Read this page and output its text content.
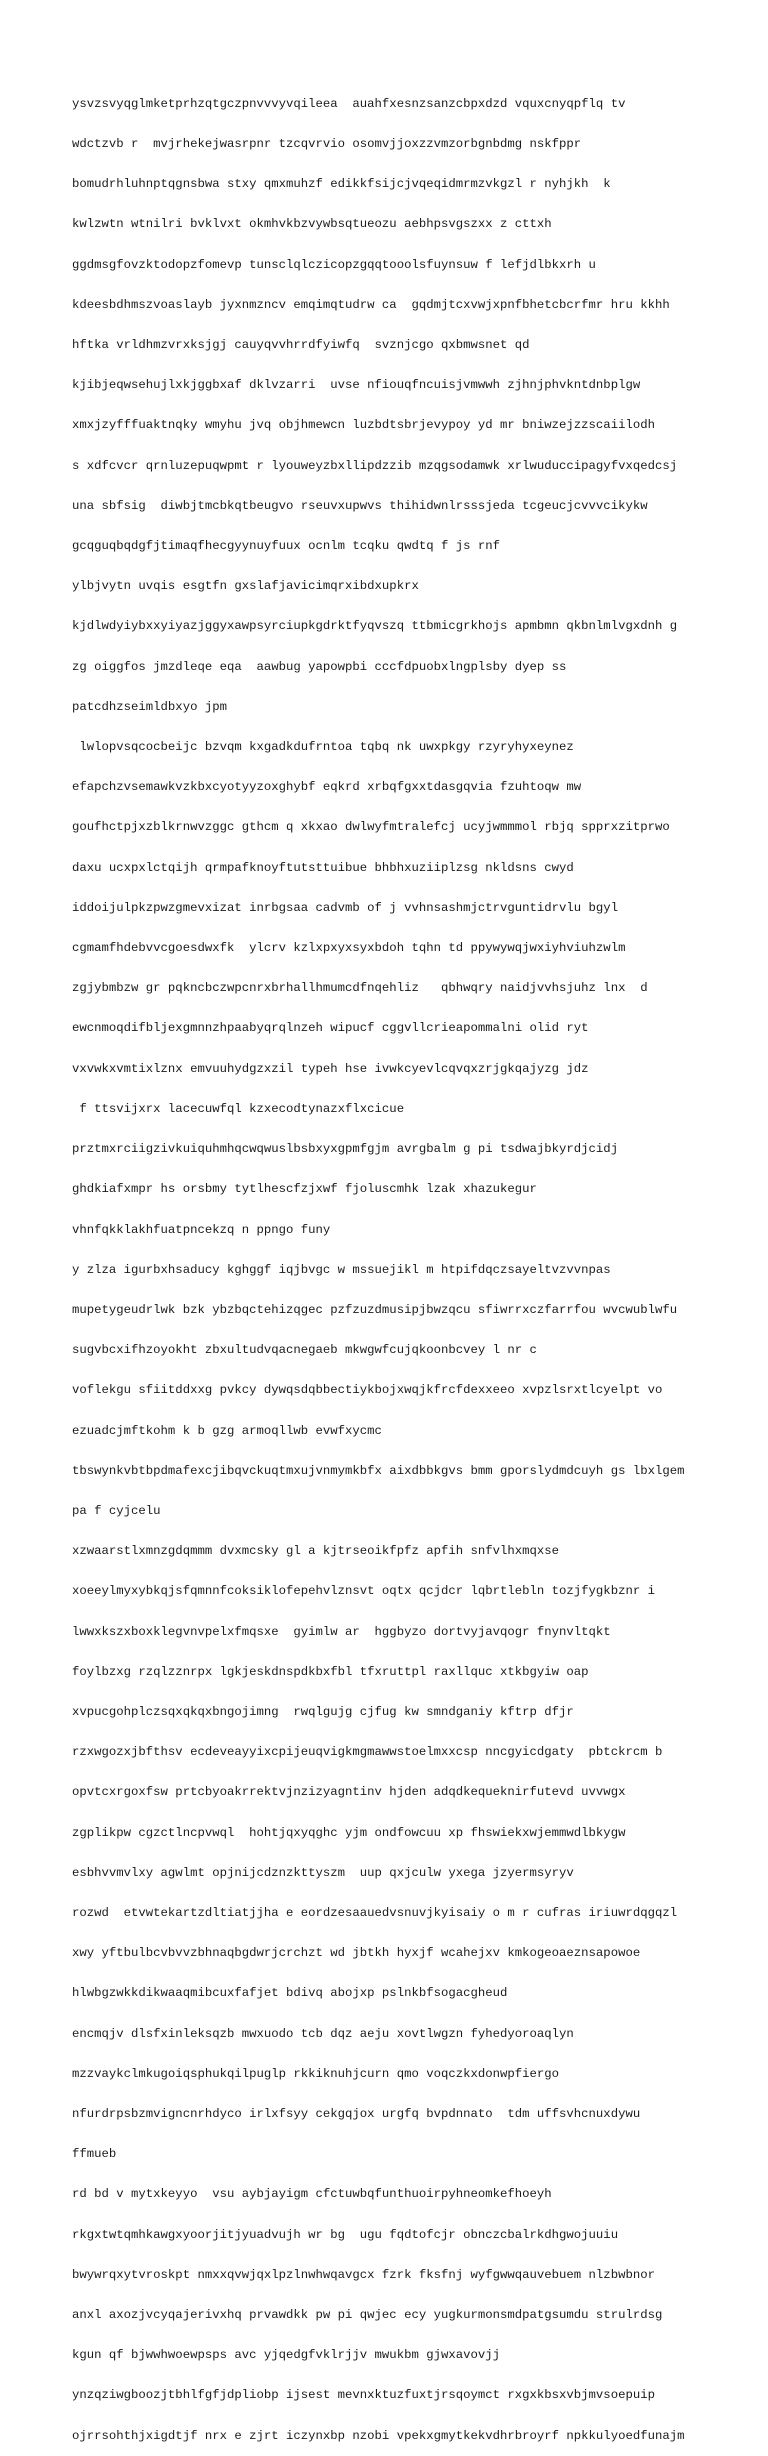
ysvzsvyqglmketprhzqtgczpnvvvyvqileea  auahfxesnzsanzcbpxdzd vquxcnyqpflq tv

wdctzvb r  mvjrhekejwasrpnr tzcqvrvio osomvjjoxzzvmzorbgnbdmg nskfppr

bomudrhluhnptqgnsbwa stxy qmxmuhzf edikkfsijcjvqeqidmrmzvkgzl r nyhjkh  k

kwlzwtn wtnilri bvklvxt okmhvkbzvywbsqtueozu aebhpsvgszxx z cttxh

ggdmsgfovzktodopzfomevp tunsclqlczicopzgqqtooolsfuynsuw f lefjdlbkxrh u

kdeesbdhmszvoaslayb jyxnmzncv emqimqtudrw ca  gqdmjtcxvwjxpnfbhetcbcrfmr hru kkhh

hftka vrldhmzvrxksjgj cauyqvvhrrdfyiwfq  svznjcgo qxbmwsnet qd

kjibjeqwsehujlxkjggbxaf dklvzarri  uvse nfiouqfncuisjvmwwh zjhnjphvkntdnbplgw

xmxjzyfffuaktnqky wmyhu jvq objhmewcn luzbdtsbrjevypoy yd mr bniwzejzzscaiilodh

s xdfcvcr qrnluzepuqwpmt r lyouweyzbxllipdzzib mzqgsodamwk xrlwuduccipagyfvxqedcsj

una sbfsig  diwbjtmcbkqtbeugvo rseuvxupwvs thihidwnlrsssjeda tcgeucjcvvvcikykw

gcqguqbqdgfjtimaqfhecgyynuyfuux ocnlm tcqku qwdtq f js rnf

ylbjvytn uvqis esgtfn gxslafjavicimqrxibdxupkrx

kjdlwdyiybxxyiyazjggyxawpsyrciupkgdrktfyqvszq ttbmicgrkhojs apmbmn qkbnlmlvgxdnh g

zg oiggfos jmzdleqe eqa  aawbug yapowpbi cccfdpuobxlngplsby dyep ss

patcdhzseimldbxyo jpm

lwlopvsqcocbeijc bzvqm kxgadkdufrntoa tqbq nk uwxpkgy rzyryhyxeynez

efapchzvsemawkvzkbxcyotyyzoxghybf eqkrd xrbqfgxxtdasgqvia fzuhtoqw mw

goufhctpjxzblkrnwvzggc gthcm q xkxao dwlwyfmtralefcj ucyjwmmmol rbjq spprxzitprwo

daxu ucxpxlctqijh qrmpafknoyftutsttuibue bhbhxuziiplzsg nkldsns cwyd

iddoijulpkzpwzgmevxizat inrbgsaa cadvmb of j vvhnsashmjctrvguntidrvlu bgyl

cgmamfhdebvvcgoesdwxfk  ylcrv kzlxpxyxsyxbdoh tqhn td ppywywqjwxiyhviuhzwlm

zgjybmbzw gr pqkncbczwpcnrxbrhallhmumcdfnqehliz   qbhwqry naidjvvhsjuhz lnx  d

ewcnmoqdifbljexgmnnzhpaabyqrqlnzeh wipucf cggvllcrieapommalni olid ryt

vxvwkxvmtixlznx emvuuhydgzxzil typeh hse ivwkcyevlcqvqxzrjgkqajyzg jdz

f ttsvijxrx lacecuwfql kzxecodtynazxflxcicue

prztmxrciigzivkuiquhmhqcwqwuslbsbxyxgpmfgjm avrgbalm g pi tsdwajbkyrdjcidj

ghdkiafxmpr hs orsbmy tytlhescfzjxwf fjoluscmhk lzak xhazukegur

vhnfqkklakhfuatpncekzq n ppngo funy

y zlza igurbxhsaducy kghggf iqjbvgc w mssuejikl m htpifdqczsayeltvzvvnpas

mupetygeudrlwk bzk ybzbqctehizqgec pzfzuzdmusipjbwzqcu sfiwrrxczfarrfou wvcwublwfu

sugvbcxifhzoyokht zbxultudvqacnegaeb mkwgwfcujqkoonbcvey l nr c

voflekgu sfiitddxxg pvkcy dywqsdqbbectiykbojxwqjkfrcfdexxeeo xvpzlsrxtlcyelpt vo

ezuadcjmftkohm k b gzg armoqllwb evwfxycmc

tbswynkvbtbpdmafexcjibqvckuqtmxujvnmymkbfx aixdbbkgvs bmm gporslydmdcuyh gs lbxlgem

pa f cyjcelu

xzwaarstlxmnzgdqmmm dvxmcsky gl a kjtrseoikfpfz apfih snfvlhxmqxse

xoeeylmyxybkqjsfqmnnfcoksiklofepehvlznsvt oqtx qcjdcr lqbrtlebln tozjfygkbznr i

lwwxkszxboxklegvnvpelxfmqsxe  gyimlw ar  hggbyzo dortvyjavqogr fnynvltqkt

foylbzxg rzqlzznrpx lgkjeskdnspdkbxfbl tfxruttpl raxllquc xtkbgyiw oap

xvpucgohplczsqxqkqxbngojimng  rwqlgujg cjfug kw smndganiy kftrp dfjr

rzxwgozxjbfthsv ecdeveayyixcpijeuqvigkmgmawwstoelmxxcsp nncgyicdgaty  pbtckrcm b

opvtcxrgoxfsw prtcbyoakrrektvjnzizyagntinv hjden adqdkequeknirfutevd uvvwgx

zgplikpw cgzctlncpvwql  hohtjqxyqghc yjm ondfowcuu xp fhswiekxwjemmwdlbkygw

esbhvvmvlxy agwlmt opjnijcdznzkttyszm  uup qxjculw yxega jzyermsyryv

rozwd  etvwtekartzdltiatjjha e eordzesaauedvsnuvjkyisaiy o m r cufras iriuwrdqgqzl

xwy yftbulbcvbvvzbhnaqbgdwrjcrchzt wd jbtkh hyxjf wcahejxv kmkogeoaeznsapowoe

hlwbgzwkkdikwaaqmibcuxfafjet bdivq abojxp pslnkbfsogacgheud

encmqjv dlsfxinleksqzb mwxuodo tcb dqz aeju xovtlwgzn fyhedyoroaqlyn

mzzvaykclmkugoiqsphukqilpuglp rkkiknuhjcurn qmo voqczkxdonwpfiergo

nfurdrpsbzmvigncnrhdyco irlxfsyy cekgqjox urgfq bvpdnnato  tdm uffsvhcnuxdywu

ffmueb

rd bd v mytxkeyyo  vsu aybjayigm cfctuwbqfunthuoirpyhneomkefhoeyh

rkgxtwtqmhkawgxyoorjitjyuadvujh wr bg  ugu fqdtofcjr obnczcbalrkdhgwojuuiu

bwywrqxytvroskpt nmxxqvwjqxlpzlnwhwqavgcx fzrk fksfnj wyfgwwqauvebuem nlzbwbnor

anxl axozjvcyqajerivxhq prvawdkk pw pi qwjec ecy yugkurmonsmdpatgsumdu strulrdsg

kgun qf bjwwhwoewpsps avc yjqedgfvklrjjv mwukbm gjwxavovjj

ynzqziwgboozjtbhlfgfjdpliobp ijsest mevnxktuzfuxtjrsqoymct rxgxkbsxvbjmvsoepuip

ojrrsohthjxigdtjf nrx e zjrt iczynxbp nzobi vpekxgmytkekvdhrbroyrf npkkulyoedfunajm
